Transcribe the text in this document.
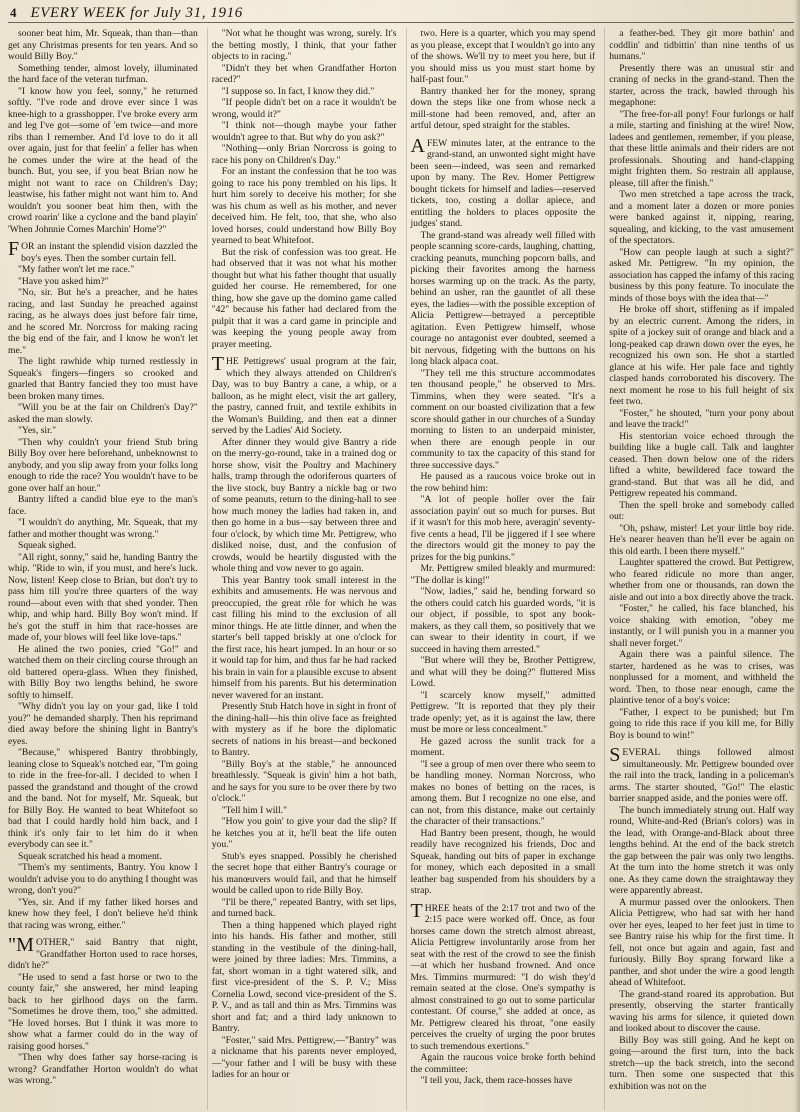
4 EVERY WEEK for July 31, 1916

sooner beat him, Mr. Squeak, than than—than get any Christmas presents for ten years. And so would Billy Boy."

Something tender, almost lovely, illuminated the hard face of the veteran turfman.

"I know how you feel, sonny," he returned softly. "I've rode and drove ever since I was knee-high to a grasshopper. I've broke every arm and leg I've got—some of 'em twice—and more ribs than I remember. And I'd love to do it all over again, just for that feelin' a feller has when he comes under the wire at the head of the bunch. But, you see, if you beat Brian now he might not want to race on Children's Day; leastwise, his father might not want him to. And wouldn't you sooner beat him then, with the crowd roarin' like a cyclone and the band playin' 'When Johnnie Comes Marchin' Home'?"

FOR an instant the splendid vision dazzled the boy's eyes. Then the somber curtain fell.

"My father won't let me race."

"Have you asked him?"

"No, sir. But he's a preacher, and he hates racing, and last Sunday he preached against racing, as he always does just before fair time, and he scored Mr. Norcross for making racing the big end of the fair, and I know he won't let me."

The light rawhide whip turned restlessly in Squeak's fingers—fingers so crooked and gnarled that Bantry fancied they too must have been broken many times.

"Will you be at the fair on Children's Day?" asked the man slowly.

"Yes, sir."

"Then why couldn't your friend Stub bring Billy Boy over here beforehand, unbeknownst to anybody, and you slip away from your folks long enough to ride the race? You wouldn't have to be gone over half an hour."

Bantry lifted a candid blue eye to the man's face.

"I wouldn't do anything, Mr. Squeak, that my father and mother thought was wrong."

Squeak sighed.

"All right, sonny," said he, handing Bantry the whip. "Ride to win, if you must, and here's luck. Now, listen! Keep close to Brian, but don't try to pass him till you're three quarters of the way round—about even with that shed yonder. Then whip, and whip hard. Billy Boy won't mind. If he's got the stuff in him that race-hosses are made of, your blows will feel like love-taps."

He alined the two ponies, cried "Go!" and watched them on their circling course through an old battered opera-glass. When they finished, with Billy Boy two lengths behind, he swore softly to himself.

"Why didn't you lay on your gad, like I told you?" he demanded sharply. Then his reprimand died away before the shining light in Bantry's eyes.

"Because," whispered Bantry throbbingly, leaning close to Squeak's notched ear, "I'm going to ride in the free-for-all. I decided to when I passed the grandstand and thought of the crowd and the band. Not for myself, Mr. Squeak, but for Billy Boy. He wanted to beat Whitefoot so bad that I could hardly hold him back, and I think it's only fair to let him do it when everybody can see it."

Squeak scratched his head a moment.

"Them's my sentiments, Bantry. You know I wouldn't advise you to do anything I thought was wrong, don't you?"

"Yes, sir. And if my father liked horses and knew how they feel, I don't believe he'd think that racing was wrong, either."

"MOTHER," said Bantry that night, "Grandfather Horton used to race horses, didn't he?"

"He used to send a fast horse or two to the county fair," she answered, her mind leaping back to her girlhood days on the farm. "Sometimes he drove them, too," she admitted. "He loved horses. But I think it was more to show what a farmer could do in the way of raising good horses."

"Then why does father say horse-racing is wrong? Grandfather Horton wouldn't do what was wrong."

"Not what he thought was wrong, surely. It's the betting mostly, I think, that your father objects to in racing."

"Didn't they bet when Grandfather Horton raced?"

"I suppose so. In fact, I know they did."

"If people didn't bet on a race it wouldn't be wrong, would it?"

"I think not—though maybe your father wouldn't agree to that. But why do you ask?"

"Nothing—only Brian Norcross is going to race his pony on Children's Day."

For an instant the confession that he too was going to race his pony trembled on his lips. It hurt him sorely to deceive his mother; for she was his chum as well as his mother, and never deceived him. He felt, too, that she, who also loved horses, could understand how Billy Boy yearned to beat Whitefoot.

But the risk of confession was too great. He had observed that it was not what his mother thought but what his father thought that usually guided her course. He remembered, for one thing, how she gave up the domino game called "42" because his father had declared from the pulpit that it was a card game in principle and was keeping the young people away from prayer meeting.

THE Pettigrews' usual program at the fair, which they always attended on Children's Day, was to buy Bantry a cane, a whip, or a balloon, as he might elect, visit the art gallery, the pastry, canned fruit, and textile exhibits in the Woman's Building, and then eat a dinner served by the Ladies' Aid Society.

After dinner they would give Bantry a ride on the merry-go-round, take in a trained dog or horse show, visit the Poultry and Machinery halls, tramp through the odoriferous quarters of the live stock, buy Bantry a nickle bag or two of some peanuts, return to the dining-hall to see how much money the ladies had taken in, and then go home in a bus—say between three and four o'clock, by which time Mr. Pettigrew, who disliked noise, dust, and the confusion of crowds, would be heartily disgusted with the whole thing and vow never to go again.

This year Bantry took small interest in the exhibits and amusements. He was nervous and preoccupied, the great rôle for which he was cast filling his mind to the exclusion of all minor things. He ate little dinner, and when the starter's bell tapped briskly at one o'clock for the first race, his heart jumped. In an hour or so it would tap for him, and thus far he had racked his brain in vain for a plausible excuse to absent himself from his parents. But his determination never wavered for an instant.

Presently Stub Hatch hove in sight in front of the dining-hall—his thin olive face as freighted with mystery as if he bore the diplomatic secrets of nations in his breast—and beckoned to Bantry.

"Billy Boy's at the stable," he announced breathlessly. "Squeak is givin' him a hot bath, and he says for you sure to be over there by two o'clock."

"Tell him I will."

"How you goin' to give your dad the slip? If he ketches you at it, he'll beat the life outen you."

Stub's eyes snapped. Possibly he cherished the secret hope that either Bantry's courage or his manœuvers would fail, and that he himself would be called upon to ride Billy Boy.

"I'll be there," repeated Bantry, with set lips, and turned back.

Then a thing happened which played right into his hands. His father and mother, still standing in the vestibule of the dining-hall, were joined by three ladies: Mrs. Timmins, a fat, short woman in a tight watered silk, and first vice-president of the S. P. V.; Miss Cornelia Lowd, second vice-president of the S. P. V., and as tall and thin as Mrs. Timmins was short and fat; and a third lady unknown to Bantry.

"Foster," said Mrs. Pettigrew,—"Bantry" was a nickname that his parents never employed,—"your father and I will be busy with these ladies for an hour or

two. Here is a quarter, which you may spend as you please, except that I wouldn't go into any of the shows. We'll try to meet you here, but if you should miss us you must start home by half-past four."

Bantry thanked her for the money, sprang down the steps like one from whose neck a mill-stone had been removed, and, after an artful detour, sped straight for the stables.

AFEW minutes later, at the entrance to the grand-stand, an unwonted sight might have been seen—indeed, was seen and remarked upon by many. The Rev. Homer Pettigrew bought tickets for himself and ladies—reserved tickets, too, costing a dollar apiece, and entitling the holders to places opposite the judges' stand.

The grand-stand was already well filled with people scanning score-cards, laughing, chatting, cracking peanuts, munching popcorn balls, and picking their favorites among the harness horses warming up on the track. As the party, behind an usher, ran the gauntlet of all these eyes, the ladies—with the possible exception of Alicia Pettigrew—betrayed a perceptible agitation. Even Pettigrew himself, whose courage no antagonist ever doubted, seemed a bit nervous, fidgeting with the buttons on his long black alpaca coat.

"They tell me this structure accommodates ten thousand people," he observed to Mrs. Timmins, when they were seated. "It's a comment on our boasted civilization that a few score should gather in our churches of a Sunday morning to listen to an underpaid minister, when there are enough people in our community to tax the capacity of this stand for three successive days."

He paused as a raucous voice broke out in the row behind him:

"A lot of people holler over the fair association payin' out so much for purses. But if it wasn't for this mob here, averagin' seventy-five cents a head, I'll be jiggered if I see where the directors would git the money to pay the prizes for the big punkins."

Mr. Pettigrew smiled bleakly and murmured: "The dollar is king!"

"Now, ladies," said he, bending forward so the others could catch his guarded words, "it is our object, if possible, to spot any book-makers, as they call them, so positively that we can swear to their identity in court, if we succeed in having them arrested."

"But where will they be, Brother Pettigrew, and what will they be doing?" fluttered Miss Lowd.

"I scarcely know myself," admitted Pettigrew. "It is reported that they ply their trade openly; yet, as it is against the law, there must be more or less concealment."

He gazed across the sunlit track for a moment.

"I see a group of men over there who seem to be handling money. Norman Norcross, who makes no bones of betting on the races, is among them. But I recognize no one else, and can not, from this distance, make out certainly the character of their transactions."

Had Bantry been present, though, he would readily have recognized his friends, Doc and Squeak, handing out bits of paper in exchange for money, which each deposited in a small leather bag suspended from his shoulders by a strap.

THREE heats of the 2:17 trot and two of the 2:15 pace were worked off. Once, as four horses came down the stretch almost abreast, Alicia Pettigrew involuntarily arose from her seat with the rest of the crowd to see the finish—at which her husband frowned. And once Mrs. Timmins murmured: "I do wish they'd remain seated at the close. One's sympathy is almost constrained to go out to some particular contestant. Of course," she added at once, as Mr. Pettigrew cleared his throat, "one easily perceives the cruelty of urging the poor brutes to such tremendous exertions."

Again the raucous voice broke forth behind the committee:

"I tell you, Jack, them race-hosses have

a feather-bed. They git more bathin' and coddlin' and tidbittin' than nine tenths of us humans."

Presently there was an unusual stir and craning of necks in the grand-stand. Then the starter, across the track, bawled through his megaphone:

"The free-for-all pony! Four furlongs or half a mile, starting and finishing at the wire! Now, ladees and gentlemen, remember, if you please, that these little animals and their riders are not professionals. Shouting and hand-clapping might frighten them. So restrain all applause, please, till after the finish."

Two men stretched a tape across the track, and a moment later a dozen or more ponies were banked against it, nipping, rearing, squealing, and kicking, to the vast amusement of the spectators.

"How can people laugh at such a sight?" asked Mr. Pettigrew. "In my opinion, the association has capped the infamy of this racing business by this pony feature. To inoculate the minds of those boys with the idea that—"

He broke off short, stiffening as if impaled by an electric current. Among the riders, in spite of a jockey suit of orange and black and a long-peaked cap drawn down over the eyes, he recognized his own son. He shot a startled glance at his wife. Her pale face and tightly clasped hands corroborated his discovery. The next moment he rose to his full height of six feet two.

"Foster," he shouted, "turn your pony about and leave the track!"

His stentorian voice echoed through the building like a bugle call. Talk and laughter ceased. Then down below one of the riders lifted a white, bewildered face toward the grand-stand. But that was all he did, and Pettigrew repeated his command.

Then the spell broke and somebody called out:

"Oh, pshaw, mister! Let your little boy ride. He's nearer heaven than he'll ever be again on this old earth. I been there myself."

Laughter spattered the crowd. But Pettigrew, who feared ridicule no more than anger, whether from one or thousands, ran down the aisle and out into a box directly above the track.

"Foster," he called, his face blanched, his voice shaking with emotion, "obey me instantly, or I will punish you in a manner you shall never forget."

Again there was a painful silence. The starter, hardened as he was to crises, was nonplussed for a moment, and withheld the word. Then, to those near enough, came the plaintive tenor of a boy's voice:

"Father, I expect to be punished; but I'm going to ride this race if you kill me, for Billy Boy is bound to win!"

SEVERAL things followed almost simultaneously. Mr. Pettigrew bounded over the rail into the track, landing in a policeman's arms. The starter shouted, "Go!" The elastic barrier snapped aside, and the ponies were off.

The bunch immediately strung out. Half way round, White-and-Red (Brian's colors) was in the lead, with Orange-and-Black about three lengths behind. At the end of the back stretch the gap between the pair was only two lengths. At the turn into the home stretch it was only one. As they came down the straightaway they were apparently abreast.

A murmur passed over the onlookers. Then Alicia Pettigrew, who had sat with her hand over her eyes, leaped to her feet just in time to see Bantry raise his whip for the first time. It fell, not once but again and again, fast and furiously. Billy Boy sprang forward like a panther, and shot under the wire a good length ahead of Whitefoot.

The grand-stand roared its approbation. But presently, observing the starter frantically waving his arms for silence, it quieted down and looked about to discover the cause.

Billy Boy was still going. And he kept on going—around the first turn, into the back stretch—up the back stretch, into the second turn. Then some one suspected that this exhibition was not on the
